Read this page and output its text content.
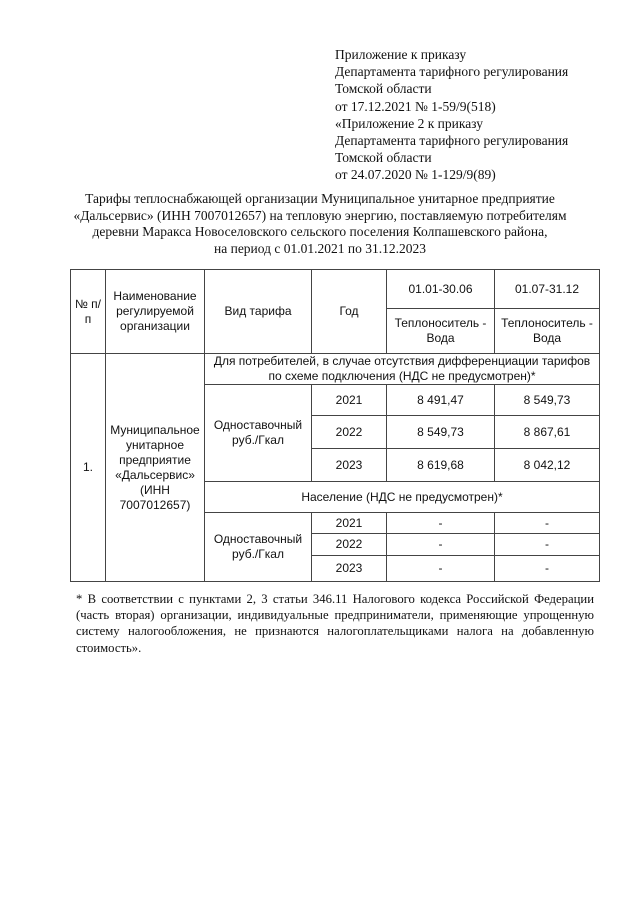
Приложение к приказу
Департамента тарифного регулирования
Томской области
от 17.12.2021 № 1-59/9(518)
«Приложение 2 к приказу
Департамента тарифного регулирования
Томской области
от 24.07.2020 № 1-129/9(89)
Тарифы теплоснабжающей организации Муниципальное унитарное предприятие
«Дальсервис» (ИНН 7007012657) на тепловую энергию, поставляемую потребителям
деревни Маракса Новоселовского сельского поселения Колпашевского района,
на период с 01.01.2021 по 31.12.2023
№ п/п	Наименование регулируемой организации	Вид тарифа	Год	01.01-30.06	01.07-31.12
				Теплоноситель - Вода	Теплоноситель - Вода
1.	Муниципальное унитарное предприятие «Дальсервис» (ИНН 7007012657)	Для потребителей, в случае отсутствия дифференциации тарифов по схеме подключения (НДС не предусмотрен)*			
		Одноставочный руб./Гкал	2021	8 491,47	8 549,73
			2022	8 549,73	8 867,61
			2023	8 619,68	8 042,12
		Население (НДС не предусмотрен)*			
		Одноставочный руб./Гкал	2021	-	-
			2022	-	-
			2023	-	-
* В соответствии с пунктами 2, 3 статьи 346.11 Налогового кодекса Российской Федерации (часть вторая) организации, индивидуальные предприниматели, применяющие упрощенную систему налогообложения, не признаются налогоплательщиками налога на добавленную стоимость».
